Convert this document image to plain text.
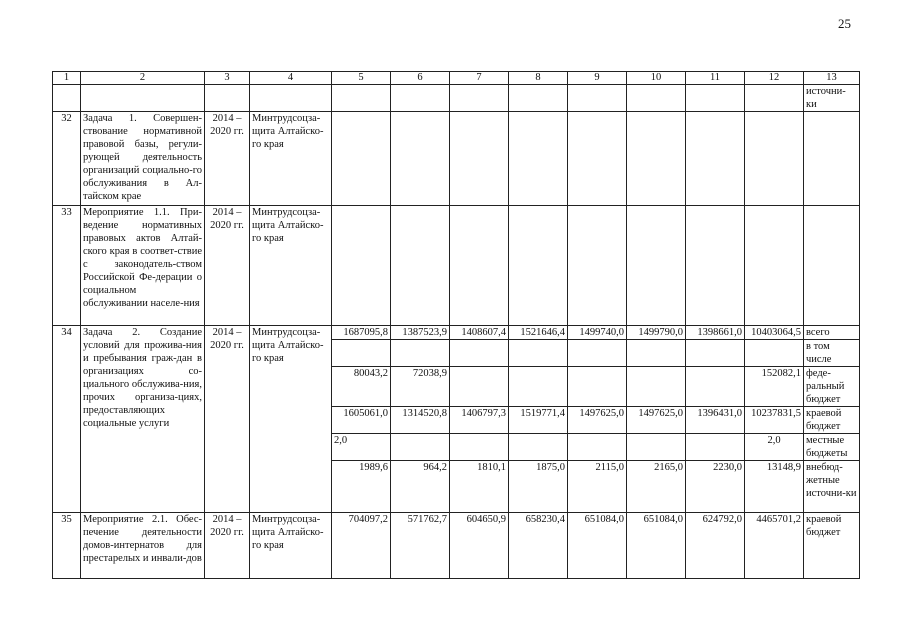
25
1	2	3	4	5	6	7	8	9	10	11	12	13
												источни-
ки
32	Задача 1. Совершен-ствование нормативной правовой базы, регули-рующей деятельность организаций социально-го обслуживания в Ал-тайском крае	2014 – 2020 гг.	Минтрудсоцза-щита Алтайско-го края									
33	Мероприятие 1.1. При-ведение нормативных правовых актов Алтай-ского края в соответ-ствие с законодатель-ством Российской Фе-дерации о социальном обслуживании населе-ния	2014 – 2020 гг.	Минтрудсоцза-щита Алтайско-го края									
34	Задача 2. Создание условий для прожива-ния и пребывания граж-дан в организациях со-циального обслужива-ния, прочих организа-циях, предоставляющих социальные услуги	2014 – 2020 гг.	Минтрудсоцза-щита Алтайско-го края	1687095,8	1387523,9	1408607,4	1521646,4	1499740,0	1499790,0	1398661,0	10403064,5	всего
												в том числе
				80043,2	72038,9						152082,1	феде-ральный бюджет
				1605061,0	1314520,8	1406797,3	1519771,4	1497625,0	1497625,0	1396431,0	10237831,5	краевой бюджет
				2,0							2,0	местные бюджеты
				1989,6	964,2	1810,1	1875,0	2115,0	2165,0	2230,0	13148,9	внебюд-жетные источни-ки
35	Мероприятие 2.1. Обес-печение деятельности домов-интернатов для престарелых и инвали-дов	2014 – 2020 гг.	Минтрудсоцза-щита Алтайско-го края	704097,2	571762,7	604650,9	658230,4	651084,0	651084,0	624792,0	4465701,2	краевой бюджет
